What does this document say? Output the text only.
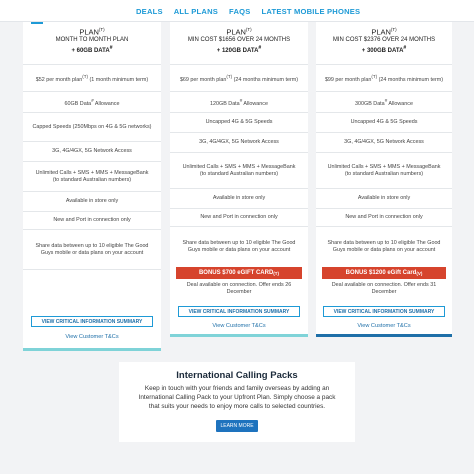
DEALS ALL PLANS FAQS LATEST MOBILE PHONES
$PLAN^{(T)}$
MONTH TO MONTH PLAN
+ 60GB DATA#
$52 per month plan$^{(T)}$ (1 month minimum term)
60GB Data# Allowance
Capped Speeds (250Mbps on 4G & 5G networks)
3G, 4G/4GX, 5G Network Access
Unlimited Calls + SMS + MMS + MessageBank
(to standard Australian numbers)
Available in store only
New and Port in connection only
Share data between up to 10 eligible The Good Guys mobile or data plans on your account
VIEW CRITICAL INFORMATION SUMMARY
View Customer T&Cs
$PLAN^{(T)}$
MIN COST $1656 OVER 24 MONTHS
+ 120GB DATA#
$69 per month plan$^{(T)}$ (24 months minimum term)
120GB Data# Allowance
Uncapped 4G & 5G Speeds
3G, 4G/4GX, 5G Network Access
Unlimited Calls + SMS + MMS + MessageBank
(to standard Australian numbers)
Available in store only
New and Port in connection only
Share data between up to 10 eligible The Good Guys mobile or data plans on your account
BONUS $700 eGIFT CARD (T)
Deal available on connection. Offer ends 26 December
VIEW CRITICAL INFORMATION SUMMARY
View Customer T&Cs
$PLAN^{(T)}$
MIN COST $2376 OVER 24 MONTHS
+ 300GB DATA#
$99 per month plan$^{(T)}$ (24 months minimum term)
300GB Data# Allowance
Uncapped 4G & 5G Speeds
3G, 4G/4GX, 5G Network Access
Unlimited Calls + SMS + MMS + MessageBank
(to standard Australian numbers)
Available in store only
New and Port in connection only
Share data between up to 10 eligible The Good Guys mobile or data plans on your account
BONUS $1200 eGift Card (V)
Deal available on connection. Offer ends 31 December
VIEW CRITICAL INFORMATION SUMMARY
View Customer T&Cs
International Calling Packs
Keep in touch with your friends and family overseas by adding an International Calling Pack to your Upfront Plan. Simply choose a pack that suits your needs to enjoy more calls to selected countries.
LEARN MORE
